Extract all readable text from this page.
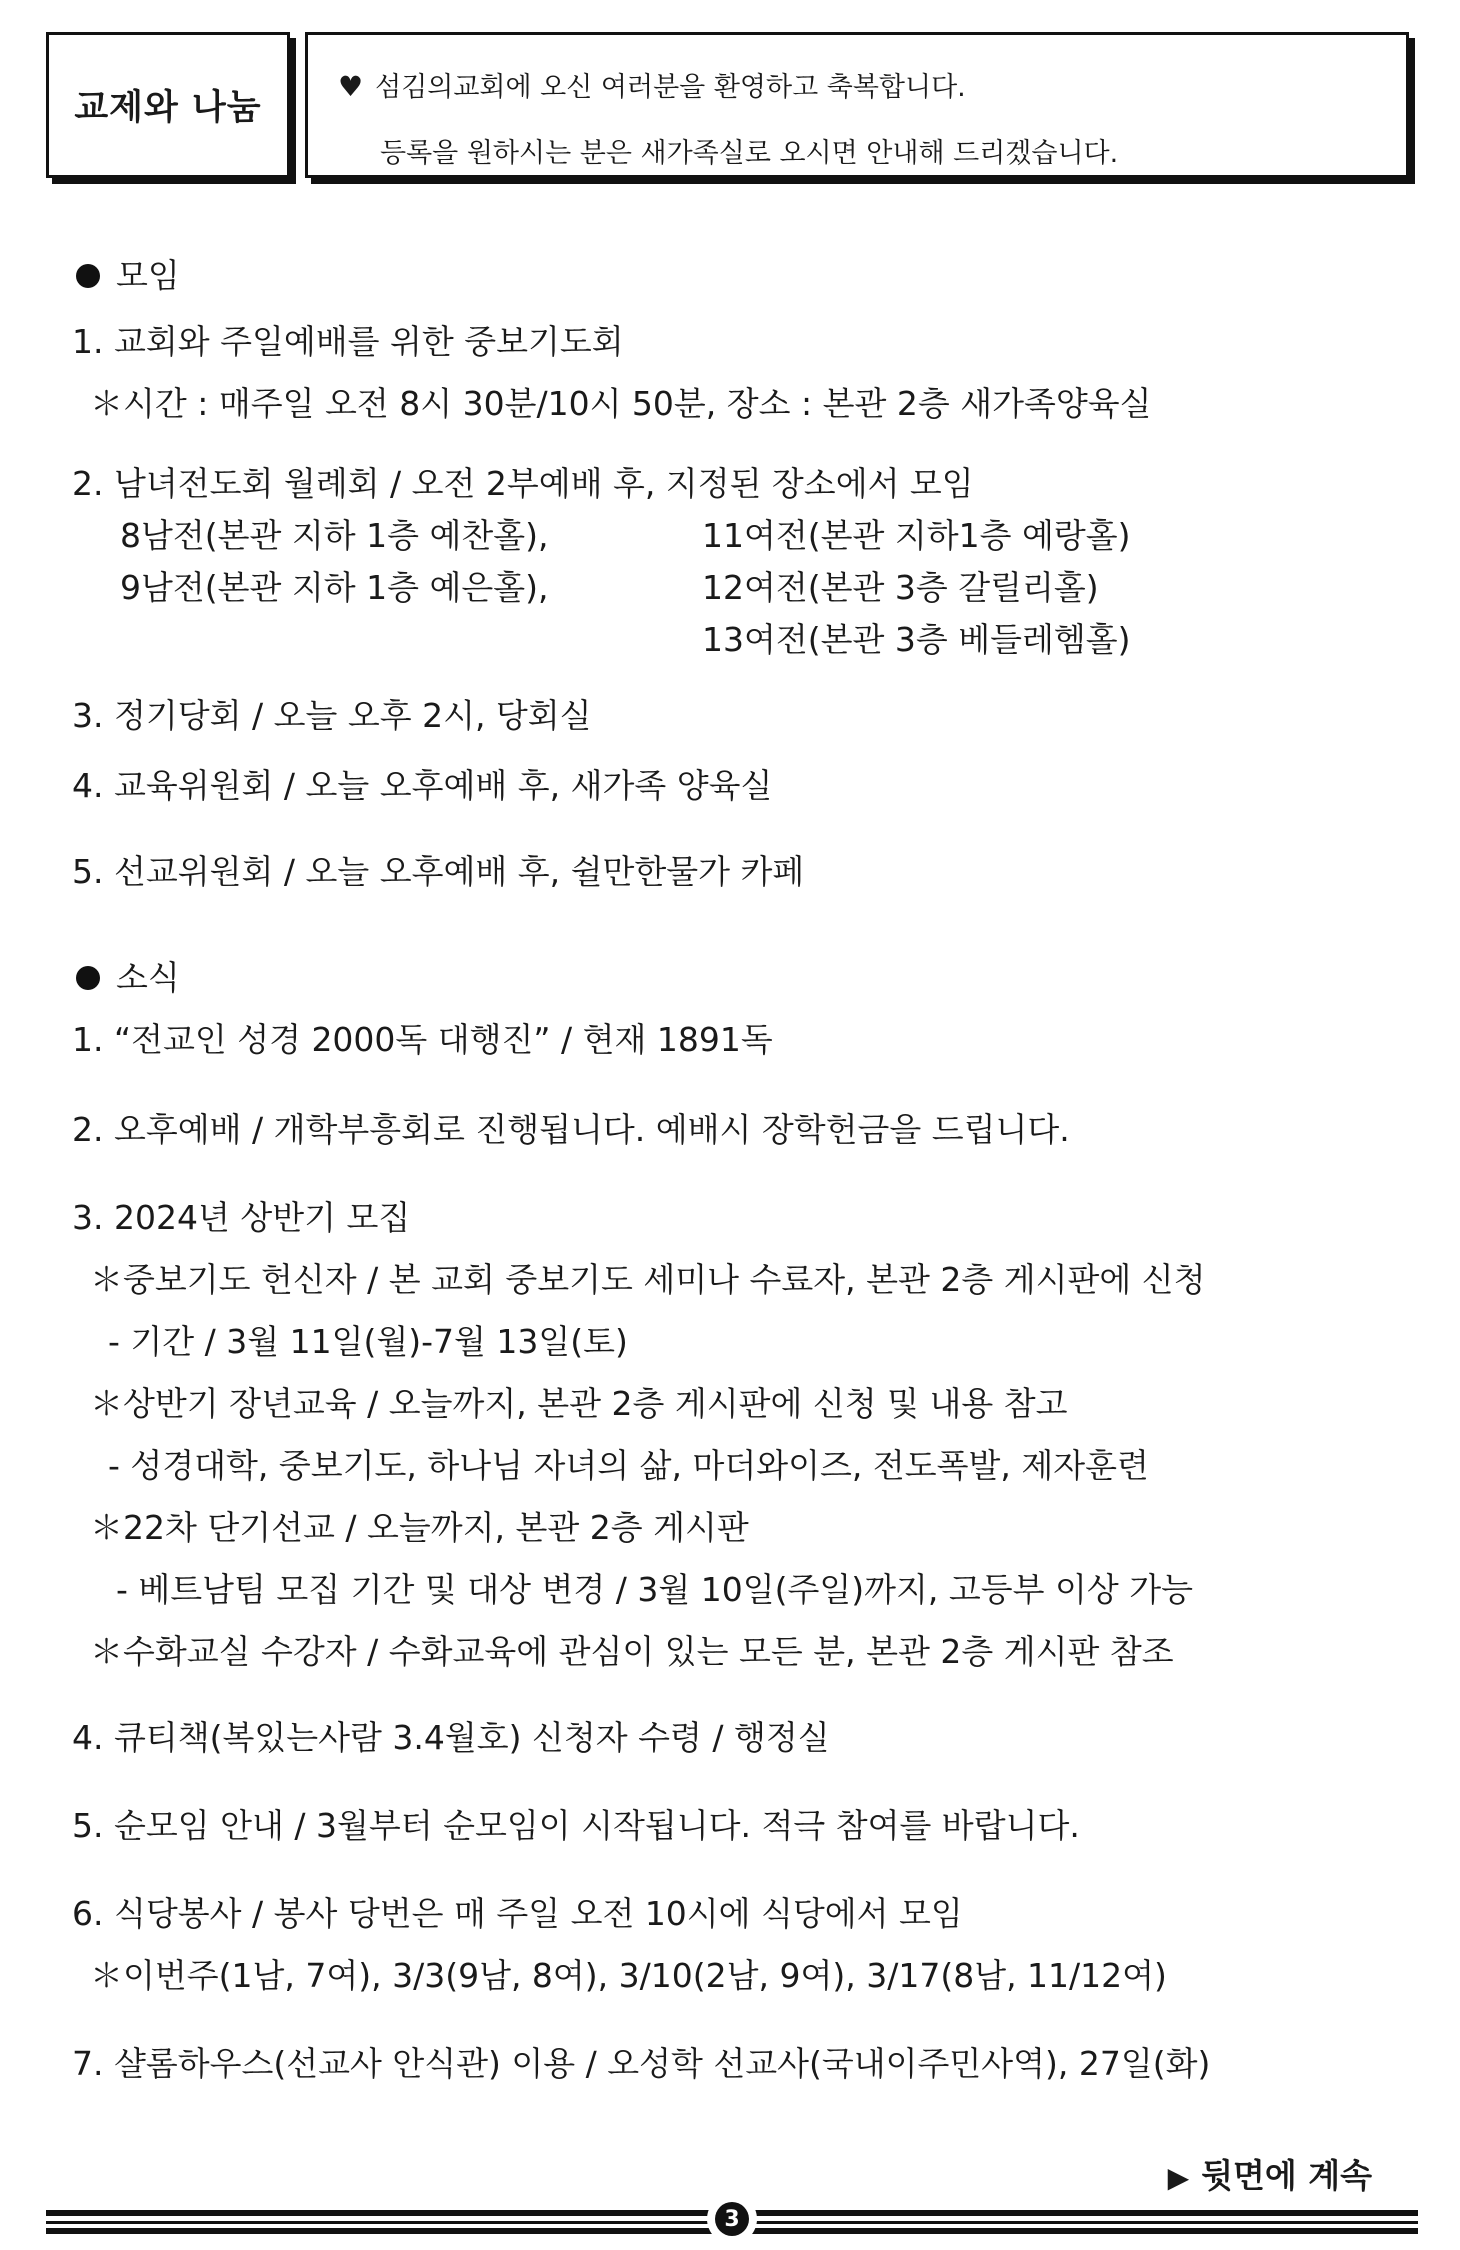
교제와 나눔
♥ 섬김의교회에 오신 여러분을 환영하고 축복합니다.
등록을 원하시는 분은 새가족실로 오시면 안내해 드리겠습니다.
모임
1. 교회와 주일예배를 위한 중보기도회
＊시간 : 매주일 오전 8시 30분/10시 50분, 장소 : 본관 2층 새가족양육실
2. 남녀전도회 월례회 / 오전 2부예배 후, 지정된 장소에서 모임
8남전(본관 지하 1층 예찬홀),	11여전(본관 지하1층 예랑홀)
9남전(본관 지하 1층 예은홀),	12여전(본관 3층 갈릴리홀)
13여전(본관 3층 베들레헴홀)
3. 정기당회 / 오늘 오후 2시, 당회실
4. 교육위원회 / 오늘 오후예배 후, 새가족 양육실
5. 선교위원회 / 오늘 오후예배 후, 쉴만한물가 카페
소식
1. “전교인 성경 2000독 대행진” / 현재 1891독
2. 오후예배 / 개학부흥회로 진행됩니다. 예배시 장학헌금을 드립니다.
3. 2024년 상반기 모집
＊중보기도 헌신자 / 본 교회 중보기도 세미나 수료자, 본관 2층 게시판에 신청
- 기간 / 3월 11일(월)-7월 13일(토)
＊상반기 장년교육 / 오늘까지, 본관 2층 게시판에 신청 및 내용 참고
- 성경대학, 중보기도, 하나님 자녀의 삶, 마더와이즈, 전도폭발, 제자훈련
＊22차 단기선교 / 오늘까지, 본관 2층 게시판
- 베트남팀 모집 기간 및 대상 변경 / 3월 10일(주일)까지, 고등부 이상 가능
＊수화교실 수강자 / 수화교육에 관심이 있는 모든 분, 본관 2층 게시판 참조
4. 큐티책(복있는사람 3.4월호) 신청자 수령 / 행정실
5. 순모임 안내 / 3월부터 순모임이 시작됩니다. 적극 참여를 바랍니다.
6. 식당봉사 / 봉사 당번은 매 주일 오전 10시에 식당에서 모임
＊이번주(1남, 7여), 3/3(9남, 8여), 3/10(2남, 9여), 3/17(8남, 11/12여)
7. 샬롬하우스(선교사 안식관) 이용 / 오성학 선교사(국내이주민사역), 27일(화)
▶ 뒷면에 계속
3
